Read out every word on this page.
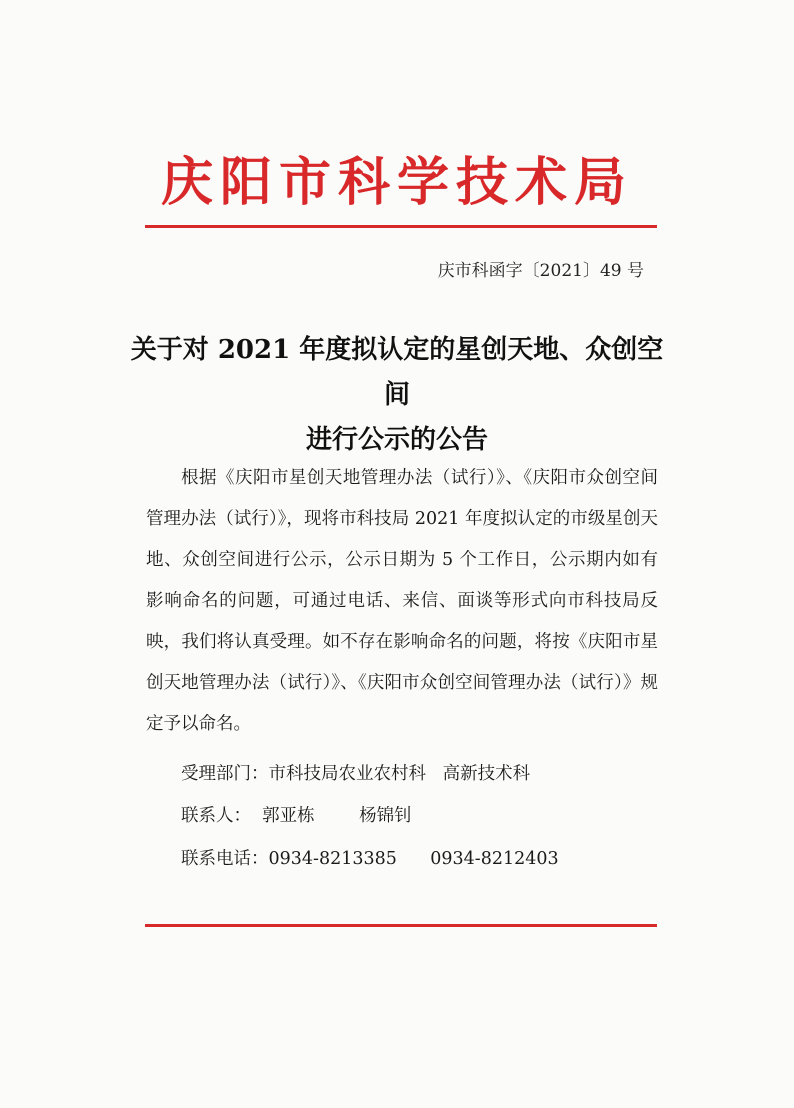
庆阳市科学技术局
庆市科函字〔2021〕49 号
关于对 2021 年度拟认定的星创天地、众创空间
进行公示的公告

根据《庆阳市星创天地管理办法（试行）》、《庆阳市众创空间管理办法（试行）》，现将市科技局 2021 年度拟认定的市级星创天地、众创空间进行公示，公示日期为 5 个工作日，公示期内如有影响命名的问题，可通过电话、来信、面谈等形式向市科技局反映，我们将认真受理。如不存在影响命名的问题，将按《庆阳市星创天地管理办法（试行）》、《庆阳市众创空间管理办法（试行）》规定予以命名。

受理部门：市科技局农业农村科   高新技术科
联系人：  郭亚栋        杨锦钊
联系电话：0934-8213385      0934-8212403
